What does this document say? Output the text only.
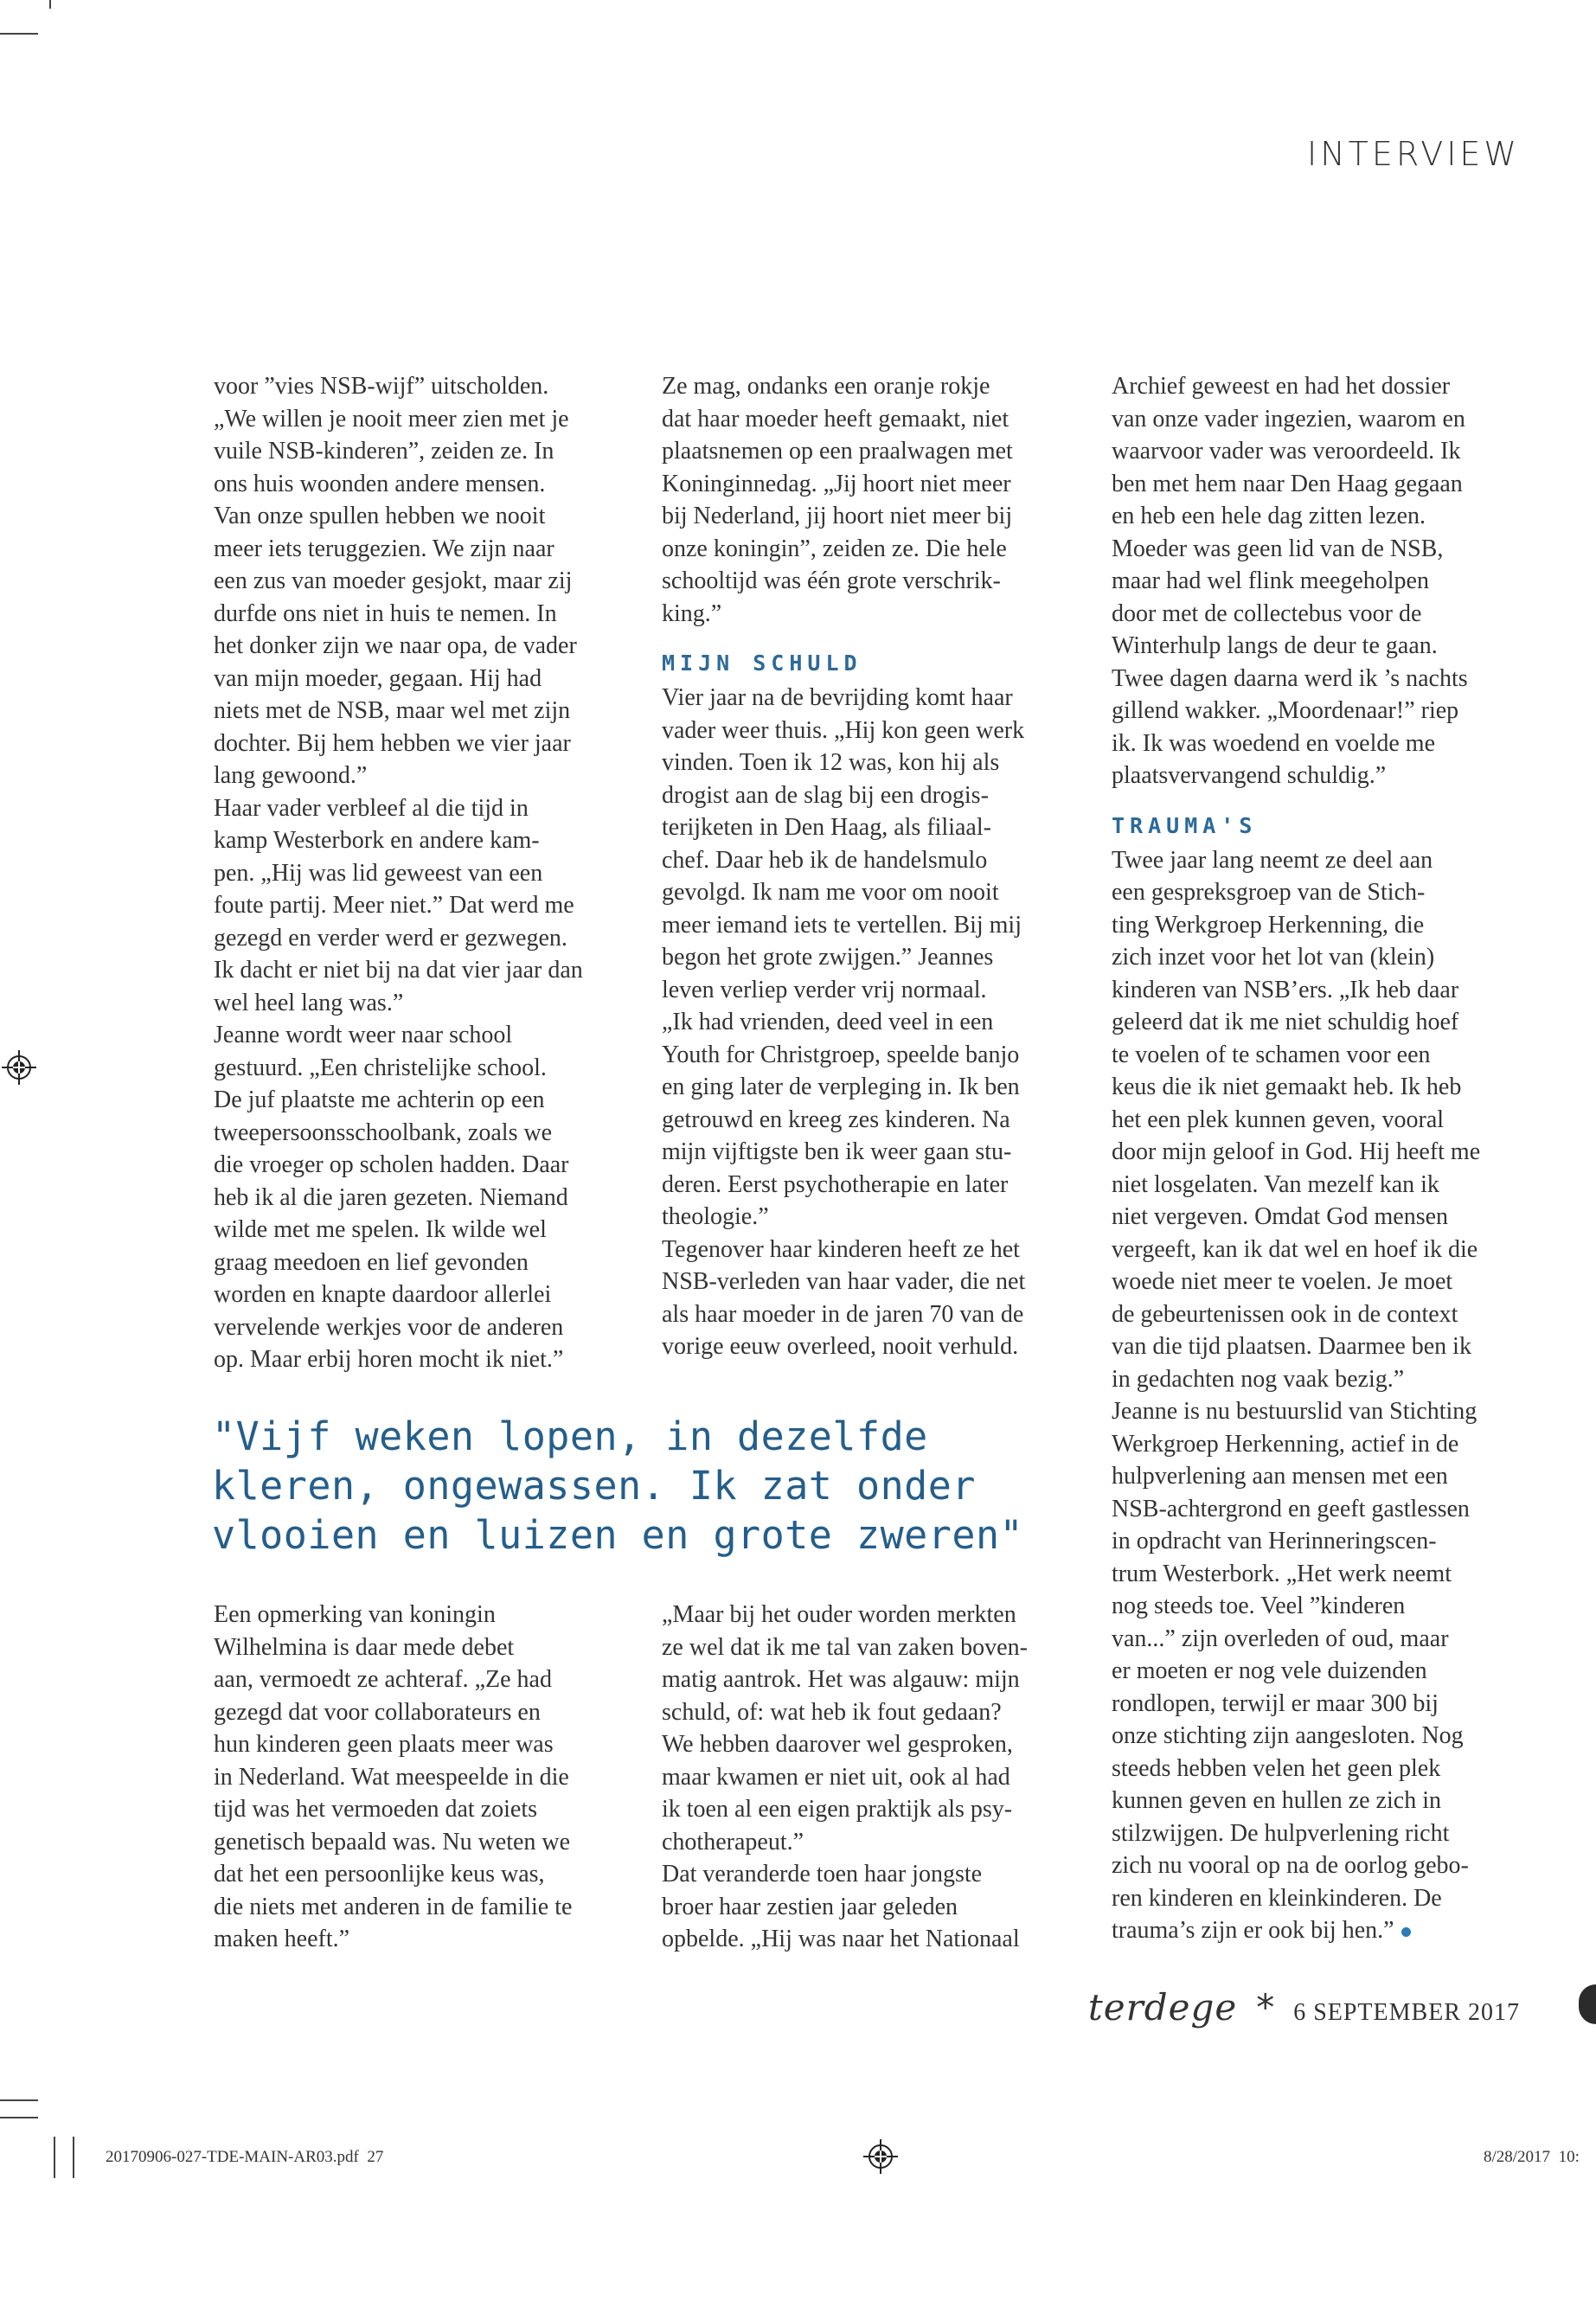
INTERVIEW

voor ”vies NSB-wijf” uitscholden.
„We willen je nooit meer zien met je
vuile NSB-kinderen”, zeiden ze. In
ons huis woonden andere mensen.
Van onze spullen hebben we nooit
meer iets teruggezien. We zijn naar
een zus van moeder gesjokt, maar zij
durfde ons niet in huis te nemen. In
het donker zijn we naar opa, de vader
van mijn moeder, gegaan. Hij had
niets met de NSB, maar wel met zijn
dochter. Bij hem hebben we vier jaar
lang gewoond.”

Haar vader verbleef al die tijd in
kamp Westerbork en andere kam-
pen. „Hij was lid geweest van een
foute partij. Meer niet.” Dat werd me
gezegd en verder werd er gezwegen.
Ik dacht er niet bij na dat vier jaar dan
wel heel lang was.”

Jeanne wordt weer naar school
gestuurd. „Een christelijke school.
De juf plaatste me achterin op een
tweepersoonsschoolbank, zoals we
die vroeger op scholen hadden. Daar
heb ik al die jaren gezeten. Niemand
wilde met me spelen. Ik wilde wel
graag meedoen en lief gevonden
worden en knapte daardoor allerlei
vervelende werkjes voor de anderen
op. Maar erbij horen mocht ik niet.”

Ze mag, ondanks een oranje rokje
dat haar moeder heeft gemaakt, niet
plaatsnemen op een praalwagen met
Koninginnedag. „Jij hoort niet meer
bij Nederland, jij hoort niet meer bij
onze koningin”, zeiden ze. Die hele
schooltijd was één grote verschrik-
king.”

MIJN SCHULD

Vier jaar na de bevrijding komt haar
vader weer thuis. „Hij kon geen werk
vinden. Toen ik 12 was, kon hij als
drogist aan de slag bij een drogis-
terijketen in Den Haag, als filiaal-
chef. Daar heb ik de handelsmulo
gevolgd. Ik nam me voor om nooit
meer iemand iets te vertellen. Bij mij
begon het grote zwijgen.” Jeannes
leven verliep verder vrij normaal.
„Ik had vrienden, deed veel in een
Youth for Christgroep, speelde banjo
en ging later de verpleging in. Ik ben
getrouwd en kreeg zes kinderen. Na
mijn vijftigste ben ik weer gaan stu-
deren. Eerst psychotherapie en later
theologie.”

Tegenover haar kinderen heeft ze het
NSB-verleden van haar vader, die net
als haar moeder in de jaren 70 van de
vorige eeuw overleed, nooit verhuld.

Archief geweest en had het dossier
van onze vader ingezien, waarom en
waarvoor vader was veroordeeld. Ik
ben met hem naar Den Haag gegaan
en heb een hele dag zitten lezen.
Moeder was geen lid van de NSB,
maar had wel flink meegeholpen
door met de collectebus voor de
Winterhulp langs de deur te gaan.
Twee dagen daarna werd ik ’s nachts
gillend wakker. „Moordenaar!” riep
ik. Ik was woedend en voelde me
plaatsvervangend schuldig.”

TRAUMA'S

Twee jaar lang neemt ze deel aan
een gespreksgroep van de Stich-
ting Werkgroep Herkenning, die
zich inzet voor het lot van (klein)
kinderen van NSB’ers. „Ik heb daar
geleerd dat ik me niet schuldig hoef
te voelen of te schamen voor een
keus die ik niet gemaakt heb. Ik heb
het een plek kunnen geven, vooral
door mijn geloof in God. Hij heeft me
niet losgelaten. Van mezelf kan ik
niet vergeven. Omdat God mensen
vergeeft, kan ik dat wel en hoef ik die
woede niet meer te voelen. Je moet
de gebeurtenissen ook in de context
van die tijd plaatsen. Daarmee ben ik
in gedachten nog vaak bezig.”

Jeanne is nu bestuurslid van Stichting
Werkgroep Herkenning, actief in de
hulpverlening aan mensen met een
NSB-achtergrond en geeft gastlessen
in opdracht van Herinneringscen-
trum Westerbork. „Het werk neemt
nog steeds toe. Veel ”kinderen
van...” zijn overleden of oud, maar
er moeten er nog vele duizenden
rondlopen, terwijl er maar 300 bij
onze stichting zijn aangesloten. Nog
steeds hebben velen het geen plek
kunnen geven en hullen ze zich in
stilzwijgen. De hulpverlening richt
zich nu vooral op na de oorlog gebo-
ren kinderen en kleinkinderen. De
trauma’s zijn er ook bij hen.”

"Vijf weken lopen, in dezelfde
kleren, ongewassen. Ik zat onder
vlooien en luizen en grote zweren"

Een opmerking van koningin
Wilhelmina is daar mede debet
aan, vermoedt ze achteraf. „Ze had
gezegd dat voor collaborateurs en
hun kinderen geen plaats meer was
in Nederland. Wat meespeelde in die
tijd was het vermoeden dat zoiets
genetisch bepaald was. Nu weten we
dat het een persoonlijke keus was,
die niets met anderen in de familie te
maken heeft.”

„Maar bij het ouder worden merkten
ze wel dat ik me tal van zaken boven-
matig aantrok. Het was algauw: mijn
schuld, of: wat heb ik fout gedaan?
We hebben daarover wel gesproken,
maar kwamen er niet uit, ook al had
ik toen al een eigen praktijk als psy-
chotherapeut.”

Dat veranderde toen haar jongste
broer haar zestien jaar geleden
opbelde. „Hij was naar het Nationaal

terdege * 6 SEPTEMBER 2017
20170906-027-TDE-MAIN-AR03.pdf 27	8/28/2017 10:
